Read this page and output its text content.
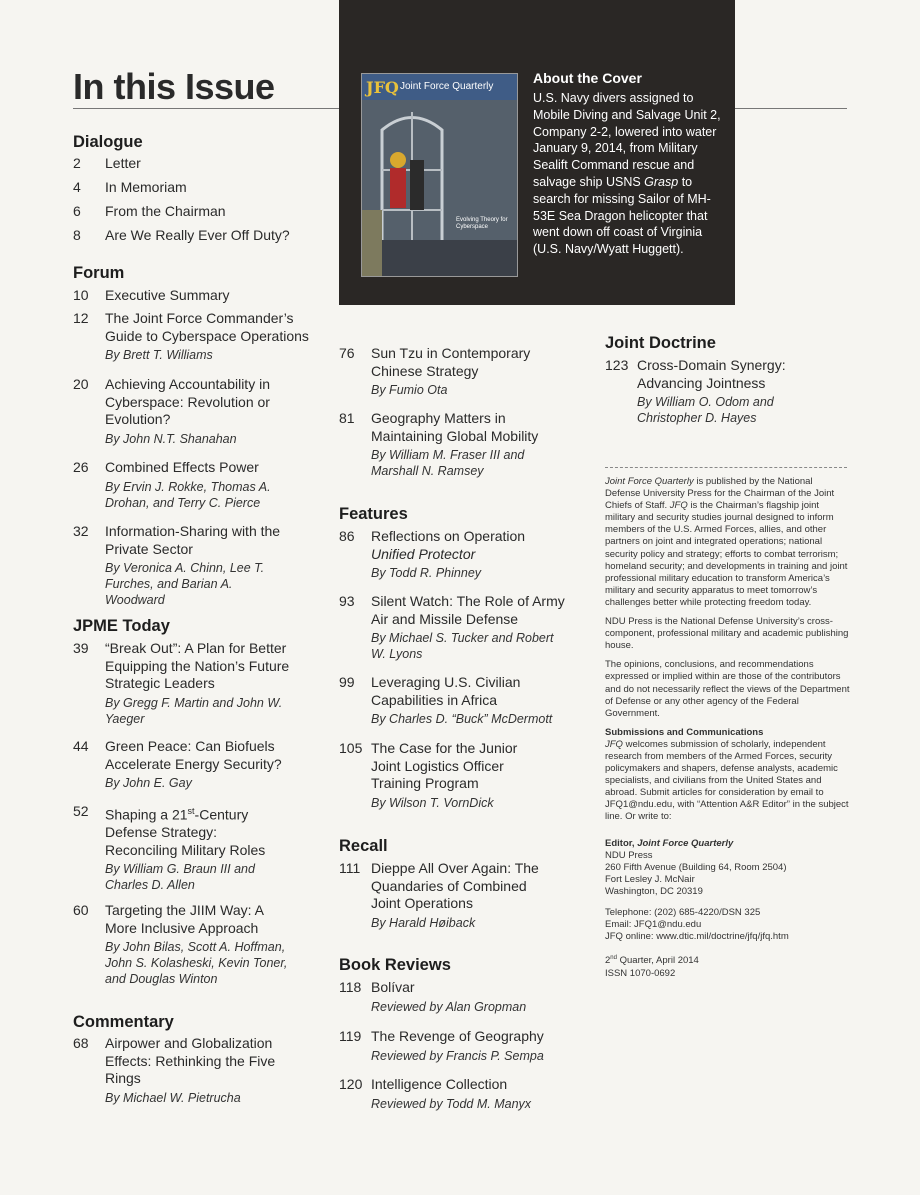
In this Issue	JFQ Joint Force Quarterly
Evolving Theory for Cyberspace
About the Cover

U.S. Navy divers assigned to Mobile Diving and Salvage Unit 2, Company 2-2, lowered into water January 9, 2014, from Military Sealift Command rescue and salvage ship USNS Grasp to search for missing Sailor of MH-53E Sea Dragon helicopter that went down off coast of Virginia (U.S. Navy/Wyatt Huggett).

Dialogue
2 Letter
4 In Memoriam
6 From the Chairman
8 Are We Really Ever Off Duty?
Forum
10 Executive Summary
12 The Joint Force Commander’s Guide to Cyberspace Operations
By Brett T. Williams
20 Achieving Accountability in Cyberspace: Revolution or Evolution?
By John N.T. Shanahan
26 Combined Effects Power
By Ervin J. Rokke, Thomas A. Drohan, and Terry C. Pierce
32 Information-Sharing with the Private Sector
By Veronica A. Chinn, Lee T. Furches, and Barian A. Woodward
JPME Today
39 “Break Out”: A Plan for Better Equipping the Nation’s Future Strategic Leaders
By Gregg F. Martin and John W. Yaeger
44 Green Peace: Can Biofuels Accelerate Energy Security?
By John E. Gay
52 Shaping a 21st-Century Defense Strategy: Reconciling Military Roles
By William G. Braun III and Charles D. Allen
60 Targeting the JIIM Way: A More Inclusive Approach
By John Bilas, Scott A. Hoffman, John S. Kolasheski, Kevin Toner, and Douglas Winton
Commentary
68 Airpower and Globalization Effects: Rethinking the Five Rings
By Michael W. Pietrucha
76 Sun Tzu in Contemporary Chinese Strategy
By Fumio Ota
81 Geography Matters in Maintaining Global Mobility
By William M. Fraser III and Marshall N. Ramsey
Features
86 Reflections on Operation
Unified Protector
By Todd R. Phinney
93 Silent Watch: The Role of Army Air and Missile Defense
By Michael S. Tucker and Robert W. Lyons
99 Leveraging U.S. Civilian Capabilities in Africa
By Charles D. “Buck” McDermott
105 The Case for the Junior Joint Logistics Officer Training Program
By Wilson T. VornDick
Recall
111 Dieppe All Over Again: The Quandaries of Combined Joint Operations
By Harald Høiback
Book Reviews
118 Bolívar
Reviewed by Alan Gropman
119 The Revenge of Geography
Reviewed by Francis P. Sempa
120 Intelligence Collection
Reviewed by Todd M. Manyx
Joint Doctrine
123 Cross-Domain Synergy: Advancing Jointness
By William O. Odom and Christopher D. Hayes

Joint Force Quarterly is published by the National Defense University Press for the Chairman of the Joint Chiefs of Staff. JFQ is the Chairman’s flagship joint military and security studies journal designed to inform members of the U.S. Armed Forces, allies, and other partners on joint and integrated operations; national security policy and strategy; efforts to combat terrorism; homeland security; and developments in training and joint professional military education to transform America’s military and security apparatus to meet tomorrow’s challenges better while protecting freedom today.

NDU Press is the National Defense University’s cross-component, professional military and academic publishing house.

The opinions, conclusions, and recommendations expressed or implied within are those of the contributors and do not necessarily reflect the views of the Department of Defense or any other agency of the Federal Government.

Submissions and Communications

JFQ welcomes submission of scholarly, independent research from members of the Armed Forces, security policymakers and shapers, defense analysts, academic specialists, and civilians from the United States and abroad. Submit articles for consideration by email to JFQ1@ndu.edu, with “Attention A&R Editor” in the subject line. Or write to:

Editor, Joint Force Quarterly

NDU Press

260 Fifth Avenue (Building 64, Room 2504)

Fort Lesley J. McNair

Washington, DC 20319

Telephone: (202) 685-4220/DSN 325

Email: JFQ1@ndu.edu

JFQ online: www.dtic.mil/doctrine/jfq/jfq.htm

2nd Quarter, April 2014

ISSN 1070-0692
